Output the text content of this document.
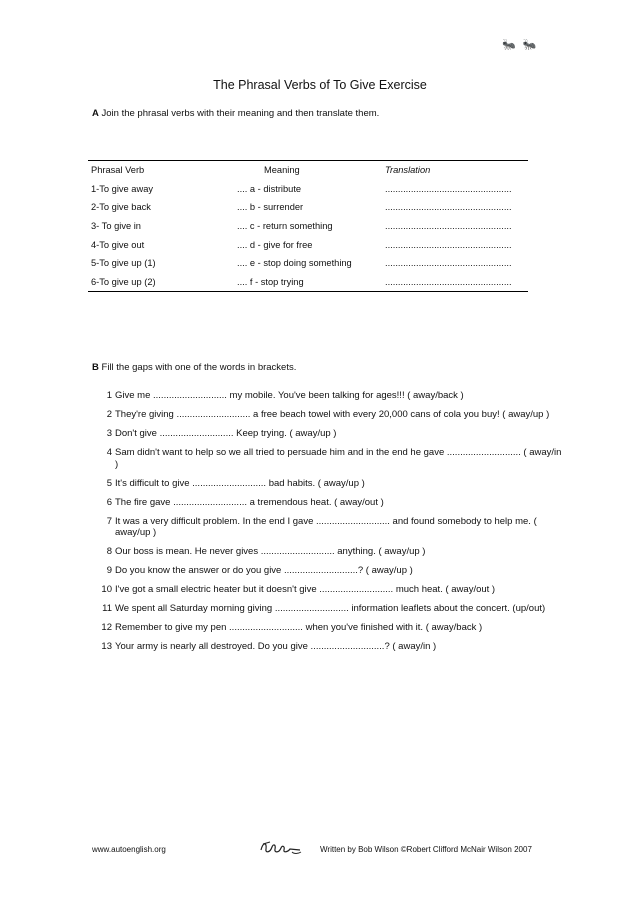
🐜 🐜
The Phrasal Verbs of To Give Exercise
A Join the phrasal verbs with their meaning and then translate them.
Phrasal Verb	Meaning	Translation
1-To give away	.... a - distribute	.................................................
2-To give back	.... b - surrender	.................................................
3- To give in	.... c - return something	.................................................
4-To give out	.... d - give for free	.................................................
5-To give up (1)	.... e - stop doing something	.................................................
6-To give up (2)	.... f - stop trying	.................................................
B Fill the gaps with one of the words in brackets.
1 Give me ............................ my mobile. You've been talking for ages!!! ( away/back )
2 They're giving ............................ a free beach towel with every 20,000 cans of cola you buy! ( away/up )
3 Don't give ............................ Keep trying. ( away/up )
4 Sam didn't want to help so we all tried to persuade him and in the end he gave ............................ ( away/in )
5 It's difficult to give ............................ bad habits. ( away/up )
6 The fire gave ............................ a tremendous heat. ( away/out )
7 It was a very difficult problem. In the end I gave ............................ and found somebody to help me. ( away/up )
8 Our boss is mean. He never gives ............................ anything. ( away/up )
9 Do you know the answer or do you give ............................? ( away/up )
10 I've got a small electric heater but it doesn't give ............................ much heat. ( away/out )
11 We spent all Saturday morning giving ............................ information leaflets about the concert. (up/out)
12 Remember to give my pen ............................ when you've finished with it. ( away/back )
13 Your army is nearly all destroyed. Do you give ............................? ( away/in )
www.autoenglish.org	Written by Bob Wilson ©Robert Clifford McNair Wilson 2007
